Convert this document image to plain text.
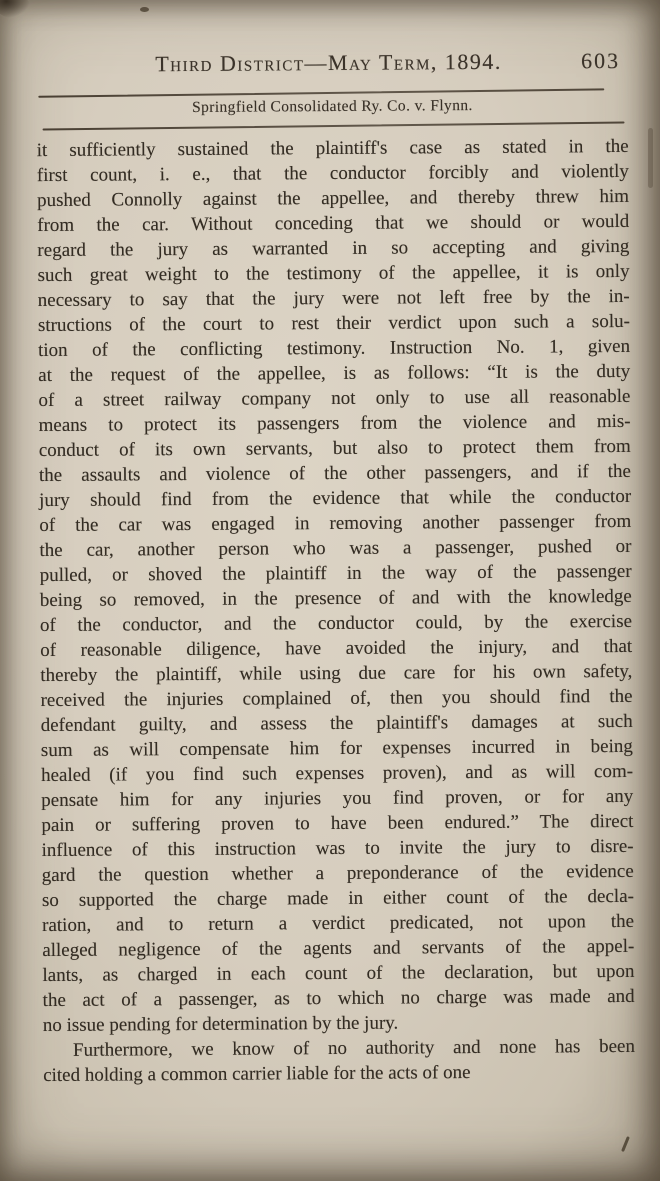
Third District—May Term, 1894.	603
Springfield Consolidated Ry. Co. v. Flynn.
it sufficiently sustained the plaintiff's case as stated in the
first count, i. e., that the conductor forcibly and violently
pushed Connolly against the appellee, and thereby threw him
from the car. Without conceding that we should or would
regard the jury as warranted in so accepting and giving
such great weight to the testimony of the appellee, it is only
necessary to say that the jury were not left free by the in-
structions of the court to rest their verdict upon such a solu-
tion of the conflicting testimony. Instruction No. 1, given
at the request of the appellee, is as follows: “It is the duty
of a street railway company not only to use all reasonable
means to protect its passengers from the violence and mis-
conduct of its own servants, but also to protect them from
the assaults and violence of the other passengers, and if the
jury should find from the evidence that while the conductor
of the car was engaged in removing another passenger from
the car, another person who was a passenger, pushed or
pulled, or shoved the plaintiff in the way of the passenger
being so removed, in the presence of and with the knowledge
of the conductor, and the conductor could, by the exercise
of reasonable diligence, have avoided the injury, and that
thereby the plaintiff, while using due care for his own safety,
received the injuries complained of, then you should find the
defendant guilty, and assess the plaintiff's damages at such
sum as will compensate him for expenses incurred in being
healed (if you find such expenses proven), and as will com-
pensate him for any injuries you find proven, or for any
pain or suffering proven to have been endured.” The direct
influence of this instruction was to invite the jury to disre-
gard the question whether a preponderance of the evidence
so supported the charge made in either count of the decla-
ration, and to return a verdict predicated, not upon the
alleged negligence of the agents and servants of the appel-
lants, as charged in each count of the declaration, but upon
the act of a passenger, as to which no charge was made and
no issue pending for determination by the jury.
Furthermore, we know of no authority and none has been
cited holding a common carrier liable for the acts of one
